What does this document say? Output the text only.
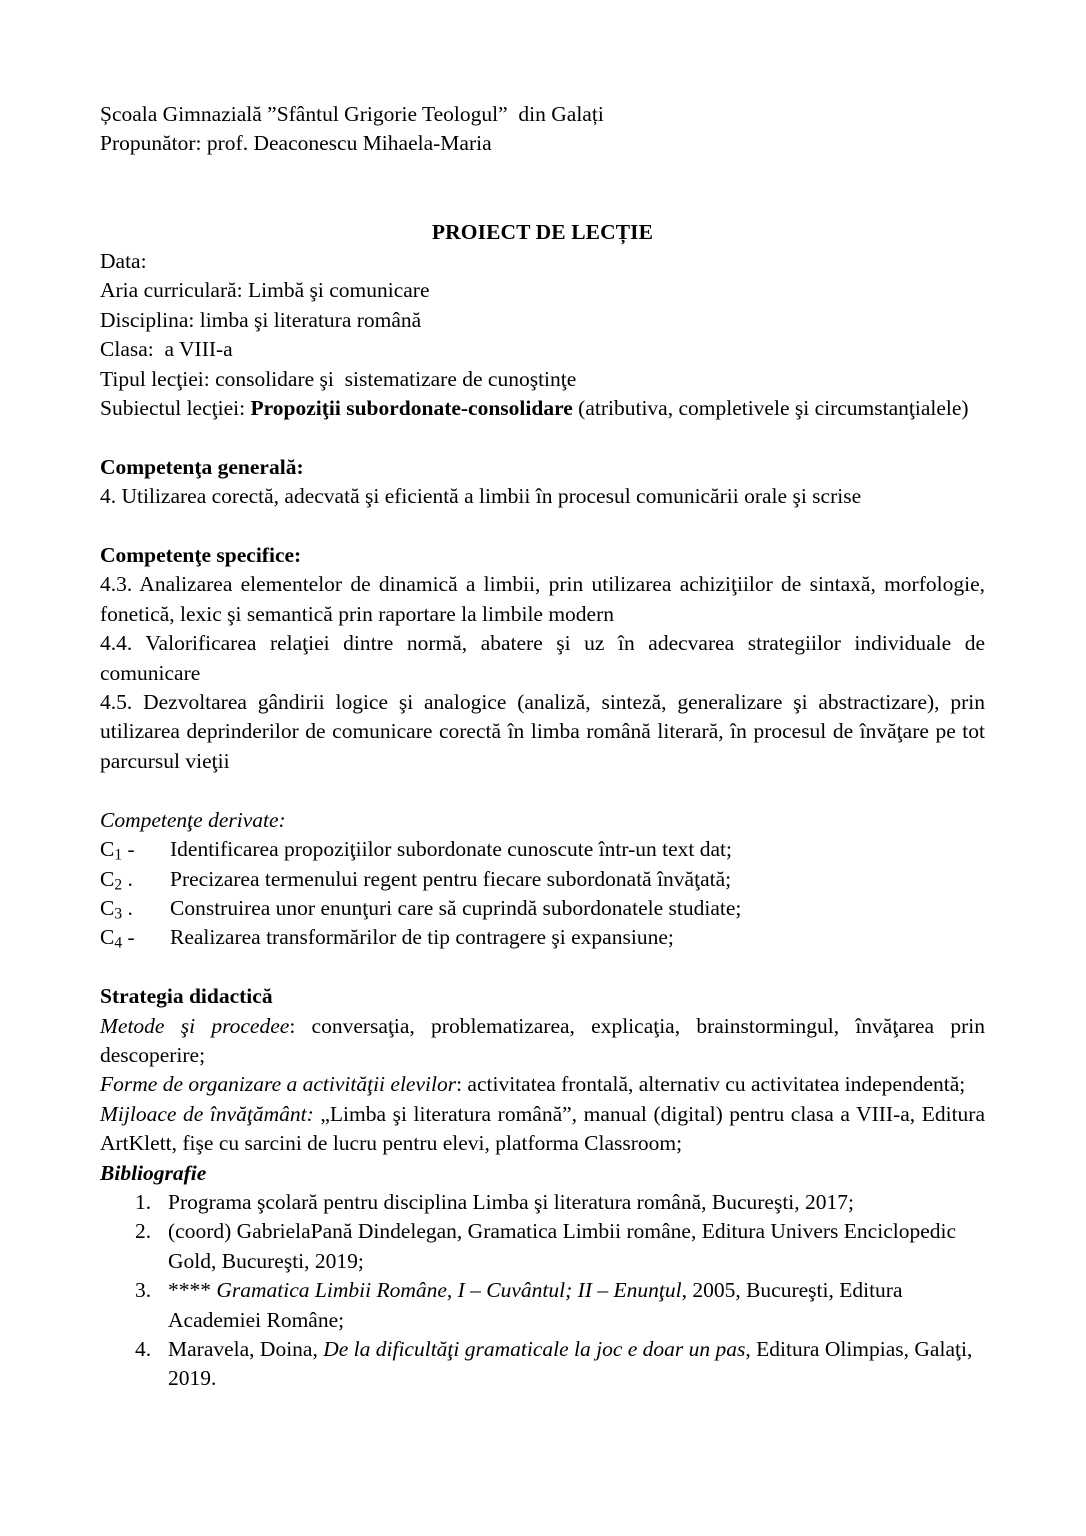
Școala Gimnazială ”Sfântul Grigorie Teologul”  din Galați

Propunător: prof. Deaconescu Mihaela-Maria

PROIECT DE LECȚIE

Data:

Aria curriculară: Limbă şi comunicare

Disciplina: limba şi literatura română

Clasa:  a VIII-a

Tipul lecţiei: consolidare şi  sistematizare de cunoştinţe

Subiectul lecţiei: Propoziţii subordonate-consolidare (atributiva, completivele şi circumstanţialele)

Competenţa generală:

4. Utilizarea corectă, adecvată şi eficientă a limbii în procesul comunicării orale şi scrise

Competenţe specifice:

4.3. Analizarea elementelor de dinamică a limbii, prin utilizarea achiziţiilor de sintaxă, morfologie, fonetică, lexic şi semantică prin raportare la limbile modern

4.4. Valorificarea relaţiei dintre normă, abatere şi uz în adecvarea strategiilor individuale de comunicare

4.5. Dezvoltarea gândirii logice şi analogice (analiză, sinteză, generalizare şi abstractizare), prin utilizarea deprinderilor de comunicare corectă în limba română literară, în procesul de învăţare pe tot parcursul vieţii

Competenţe derivate:

$C_1$ -	Identificarea propoziţiilor subordonate cunoscute într-un text dat;
$C_2$ .	Precizarea termenului regent pentru fiecare subordonată învăţată;
$C_3$ .	Construirea unor enunţuri care să cuprindă subordonatele studiate;
$C_4$ -	Realizarea transformărilor de tip contragere şi expansiune;

Strategia didactică

Metode şi procedee: conversaţia, problematizarea, explicaţia, brainstormingul, învăţarea prin descoperire;

Forme de organizare a activităţii elevilor: activitatea frontală, alternativ cu activitatea independentă;

Mijloace de învăţământ: „Limba şi literatura română”, manual (digital) pentru clasa a VIII-a, Editura ArtKlett, fişe cu sarcini de lucru pentru elevi, platforma Classroom;

Bibliografie

1. Programa şcolară pentru disciplina Limba şi literatura română, Bucureşti, 2017;
2. (coord) GabrielaPană Dindelegan, Gramatica Limbii române, Editura Univers Enciclopedic Gold, Bucureşti, 2019;
3. **** Gramatica Limbii Române, I – Cuvântul; II – Enunţul, 2005, Bucureşti, Editura Academiei Române;
4. Maravela, Doina, De la dificultăţi gramaticale la joc e doar un pas, Editura Olimpias, Galaţi, 2019.
